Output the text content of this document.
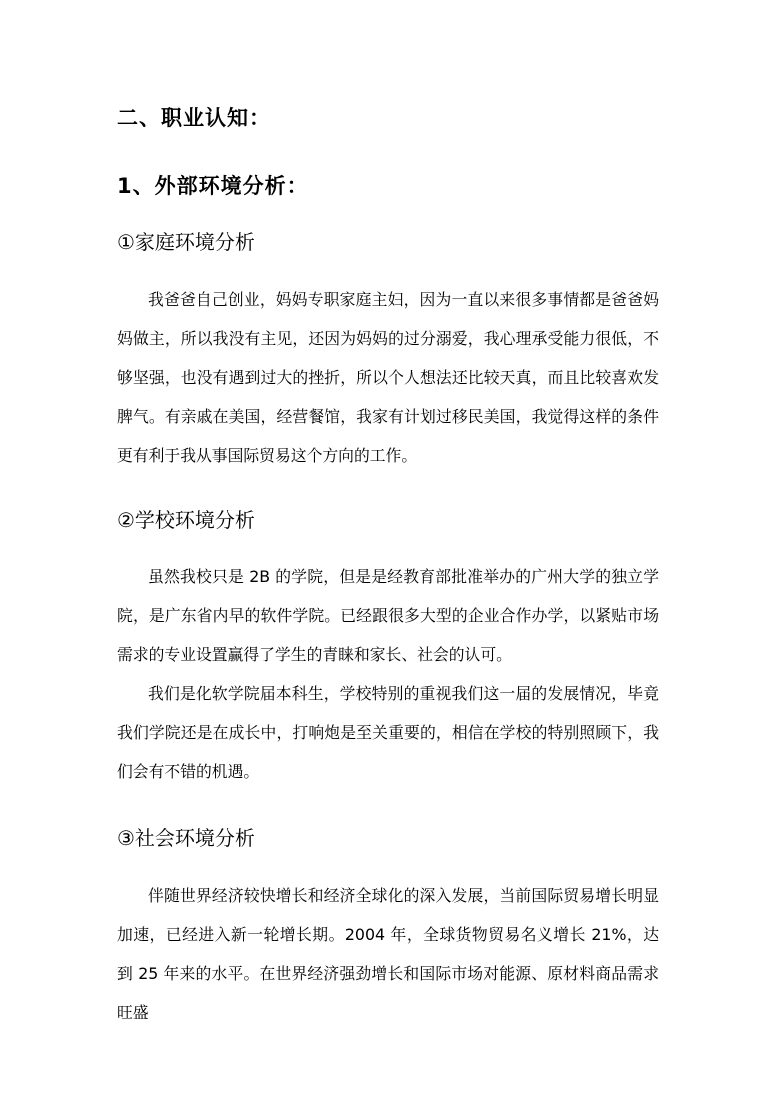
二、职业认知：
1、外部环境分析：
①家庭环境分析

我爸爸自己创业，妈妈专职家庭主妇，因为一直以来很多事情都是爸爸妈妈做主，所以我没有主见，还因为妈妈的过分溺爱，我心理承受能力很低，不够坚强，也没有遇到过大的挫折，所以个人想法还比较天真，而且比较喜欢发脾气。有亲戚在美国，经营餐馆，我家有计划过移民美国，我觉得这样的条件更有利于我从事国际贸易这个方向的工作。

②学校环境分析

虽然我校只是 2B 的学院，但是是经教育部批准举办的广州大学的独立学院，是广东省内早的软件学院。已经跟很多大型的企业合作办学，以紧贴市场需求的专业设置赢得了学生的青睐和家长、社会的认可。

我们是化软学院届本科生，学校特别的重视我们这一届的发展情况，毕竟我们学院还是在成长中，打响炮是至关重要的，相信在学校的特别照顾下，我们会有不错的机遇。

③社会环境分析

伴随世界经济较快增长和经济全球化的深入发展，当前国际贸易增长明显加速，已经进入新一轮增长期。2004 年，全球货物贸易名义增长 21%，达到 25 年来的水平。在世界经济强劲增长和国际市场对能源、原材料商品需求旺盛
